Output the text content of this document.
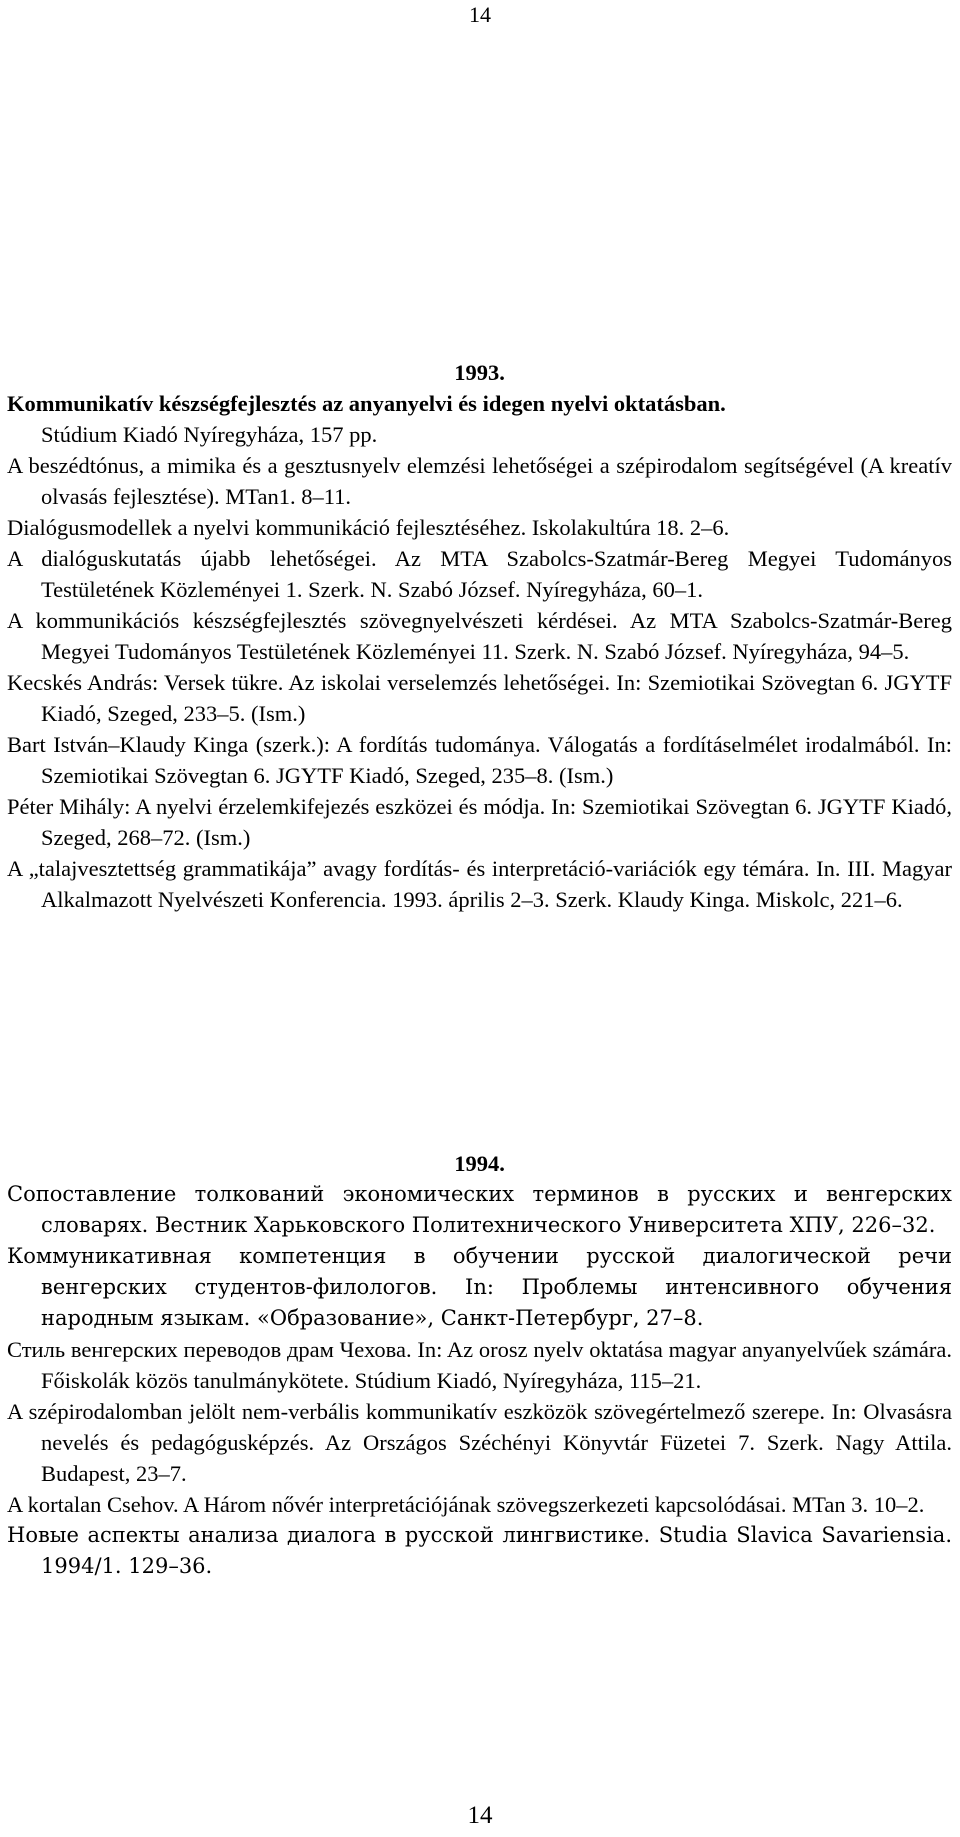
14

1993.

Kommunikatív készségfejlesztés az anyanyelvi és idegen nyelvi oktatásban.
Stúdium Kiadó Nyíregyháza, 157 pp.

A beszédtónus, a mimika és a gesztusnyelv elemzési lehetőségei a szépirodalom segítségével (A kreatív olvasás fejlesztése). MTan1. 8–11.

Dialógusmodellek a nyelvi kommunikáció fejlesztéséhez. Iskolakultúra 18. 2–6.

A dialóguskutatás újabb lehetőségei. Az MTA Szabolcs-Szatmár-Bereg Megyei Tudományos Testületének Közleményei 1. Szerk. N. Szabó József. Nyíregyháza, 60–1.

A kommunikációs készségfejlesztés szövegnyelvészeti kérdései. Az MTA Szabolcs-Szatmár-Bereg Megyei Tudományos Testületének Közleményei 11. Szerk. N. Szabó József. Nyíregyháza, 94–5.

Kecskés András: Versek tükre. Az iskolai verselemzés lehetőségei. In: Szemiotikai Szövegtan 6. JGYTF Kiadó, Szeged, 233–5. (Ism.)

Bart István–Klaudy Kinga (szerk.): A fordítás tudománya. Válogatás a fordításelmélet irodalmából. In: Szemiotikai Szövegtan 6. JGYTF Kiadó, Szeged, 235–8. (Ism.)

Péter Mihály: A nyelvi érzelemkifejezés eszközei és módja. In: Szemiotikai Szövegtan 6. JGYTF Kiadó, Szeged, 268–72. (Ism.)

A „talajvesztettség grammatikája” avagy fordítás- és interpretáció-variációk egy témára. In. III. Magyar Alkalmazott Nyelvészeti Konferencia. 1993. április 2–3. Szerk. Klaudy Kinga. Miskolc, 221–6.

1994.

Сопоставление толкований экономических терминов в русских и венгерских словарях. Вестник Харьковского Политехнического Университета ХПУ, 226–32.

Коммуникативная компетенция в обучении русской диалогической речи венгерских студентов-филологов. In: Проблемы интенсивного обучения народным языкам. «Образование», Санкт-Петербург, 27–8.

Стиль венгерских переводов драм Чехова. In: Az orosz nyelv oktatása magyar anyanyelvűek számára. Főiskolák közös tanulmánykötete. Stúdium Kiadó, Nyíregyháza, 115–21.

A szépirodalomban jelölt nem-verbális kommunikatív eszközök szövegértelmező szerepe. In: Olvasásra nevelés és pedagógusképzés. Az Országos Széchényi Könyvtár Füzetei 7. Szerk. Nagy Attila. Budapest, 23–7.

A kortalan Csehov. A Három nővér interpretációjának szövegszerkezeti kapcsolódásai. MTan 3. 10–2.

Новые аспекты анализа диалога в русской лингвистике. Studia Slavica Savariensia. 1994/1. 129–36.

14
